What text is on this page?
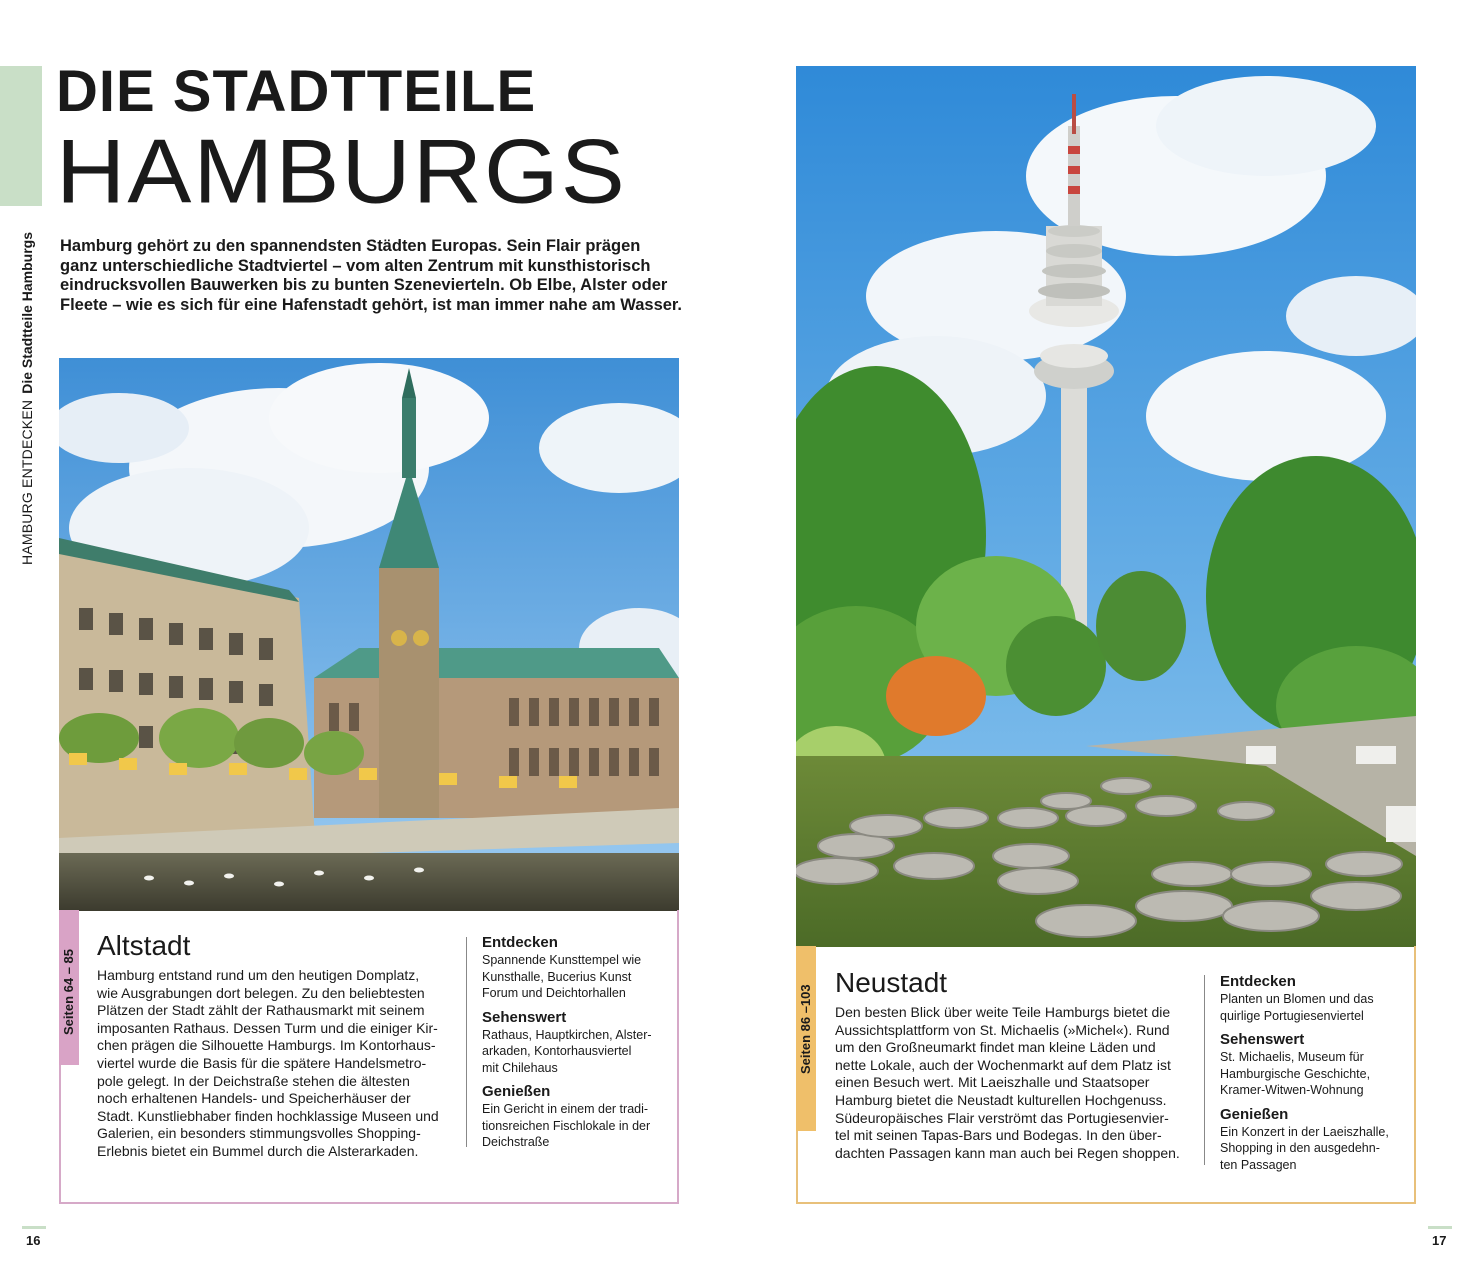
HAMBURG ENTDECKENDie Stadtteile Hamburgs
DIE STADTTEILE
HAMBURGS
Hamburg gehört zu den spannendsten Städten Europas. Sein Flair prägen
ganz unterschiedliche Stadtviertel – vom alten Zentrum mit kunsthistorisch
eindrucksvollen Bauwerken bis zu bunten Szenevierteln. Ob Elbe, Alster oder
Fleete – wie es sich für eine Hafenstadt gehört, ist man immer nahe am Wasser.
Seiten 64 – 85
Altstadt
Hamburg entstand rund um den heutigen Domplatz,
wie Ausgrabungen dort belegen. Zu den beliebtesten
Plätzen der Stadt zählt der Rathausmarkt mit seinem
imposanten Rathaus. Dessen Turm und die einiger Kir-
chen prägen die Silhouette Hamburgs. Im Kontorhaus-
viertel wurde die Basis für die spätere Handelsmetro-
pole gelegt. In der Deichstraße stehen die ältesten
noch erhaltenen Handels- und Speicherhäuser der
Stadt. Kunstliebhaber finden hochklassige Museen und
Galerien, ein besonders stimmungsvolles Shopping-
Erlebnis bietet ein Bummel durch die Alsterarkaden.
Entdecken
Spannende Kunsttempel wie
Kunsthalle, Bucerius Kunst
Forum und Deichtorhallen
Sehenswert
Rathaus, Hauptkirchen, Alster-
arkaden, Kontorhausviertel
mit Chilehaus
Genießen
Ein Gericht in einem der tradi-
tionsreichen Fischlokale in der
Deichstraße
16
Seiten 86 –103
Neustadt
Den besten Blick über weite Teile Hamburgs bietet die
Aussichtsplattform von St. Michaelis (»Michel«). Rund
um den Großneumarkt findet man kleine Läden und
nette Lokale, auch der Wochenmarkt auf dem Platz ist
einen Besuch wert. Mit Laeiszhalle und Staatsoper
Hamburg bietet die Neustadt kulturellen Hochgenuss.
Südeuropäisches Flair verströmt das Portugiesenvier-
tel mit seinen Tapas-Bars und Bodegas. In den über-
dachten Passagen kann man auch bei Regen shoppen.
Entdecken
Planten un Blomen und das
quirlige Portugiesenviertel
Sehenswert
St. Michaelis, Museum für
Hamburgische Geschichte,
Kramer-Witwen-Wohnung
Genießen
Ein Konzert in der Laeiszhalle,
Shopping in den ausgedehn-
ten Passagen
17
